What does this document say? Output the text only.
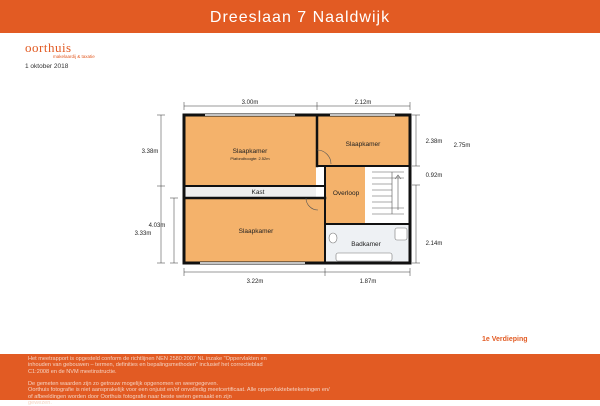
Dreeslaan 7 Naaldwijk
oorthuis
makelaardij & taxatie
1 oktober 2018
Slaapkamer
Plafondhoogte: 2.52m
Slaapkamer
Kast	Overloop
Slaapkamer
Badkamer
3.00m	2.12m
3.22m	1.87m
3.38m
4.03m
3.33m
2.38m
2.75m
0.92m
2.14m
1e Verdieping
Het meetrapport is opgesteld conform de richtlijnen NEN 2580:2007 NL inzake "Oppervlakten en
inhouden van gebouwen – termen, definities en bepalingsmethoden" inclusief het correctieblad
C1:2008 en de NVM meetinstructie.
De gemeten waarden zijn zo getrouw mogelijk opgenomen en weergegeven.
Oorthuis fotografie is niet aansprakelijk voor een onjuist en/of onvolledig meetcertificaat. Alle oppervlaktebetekeningen en/
of afbeeldingen worden door Oorthuis fotografie naar beste weten gemaakt en zijn
gewezen.
